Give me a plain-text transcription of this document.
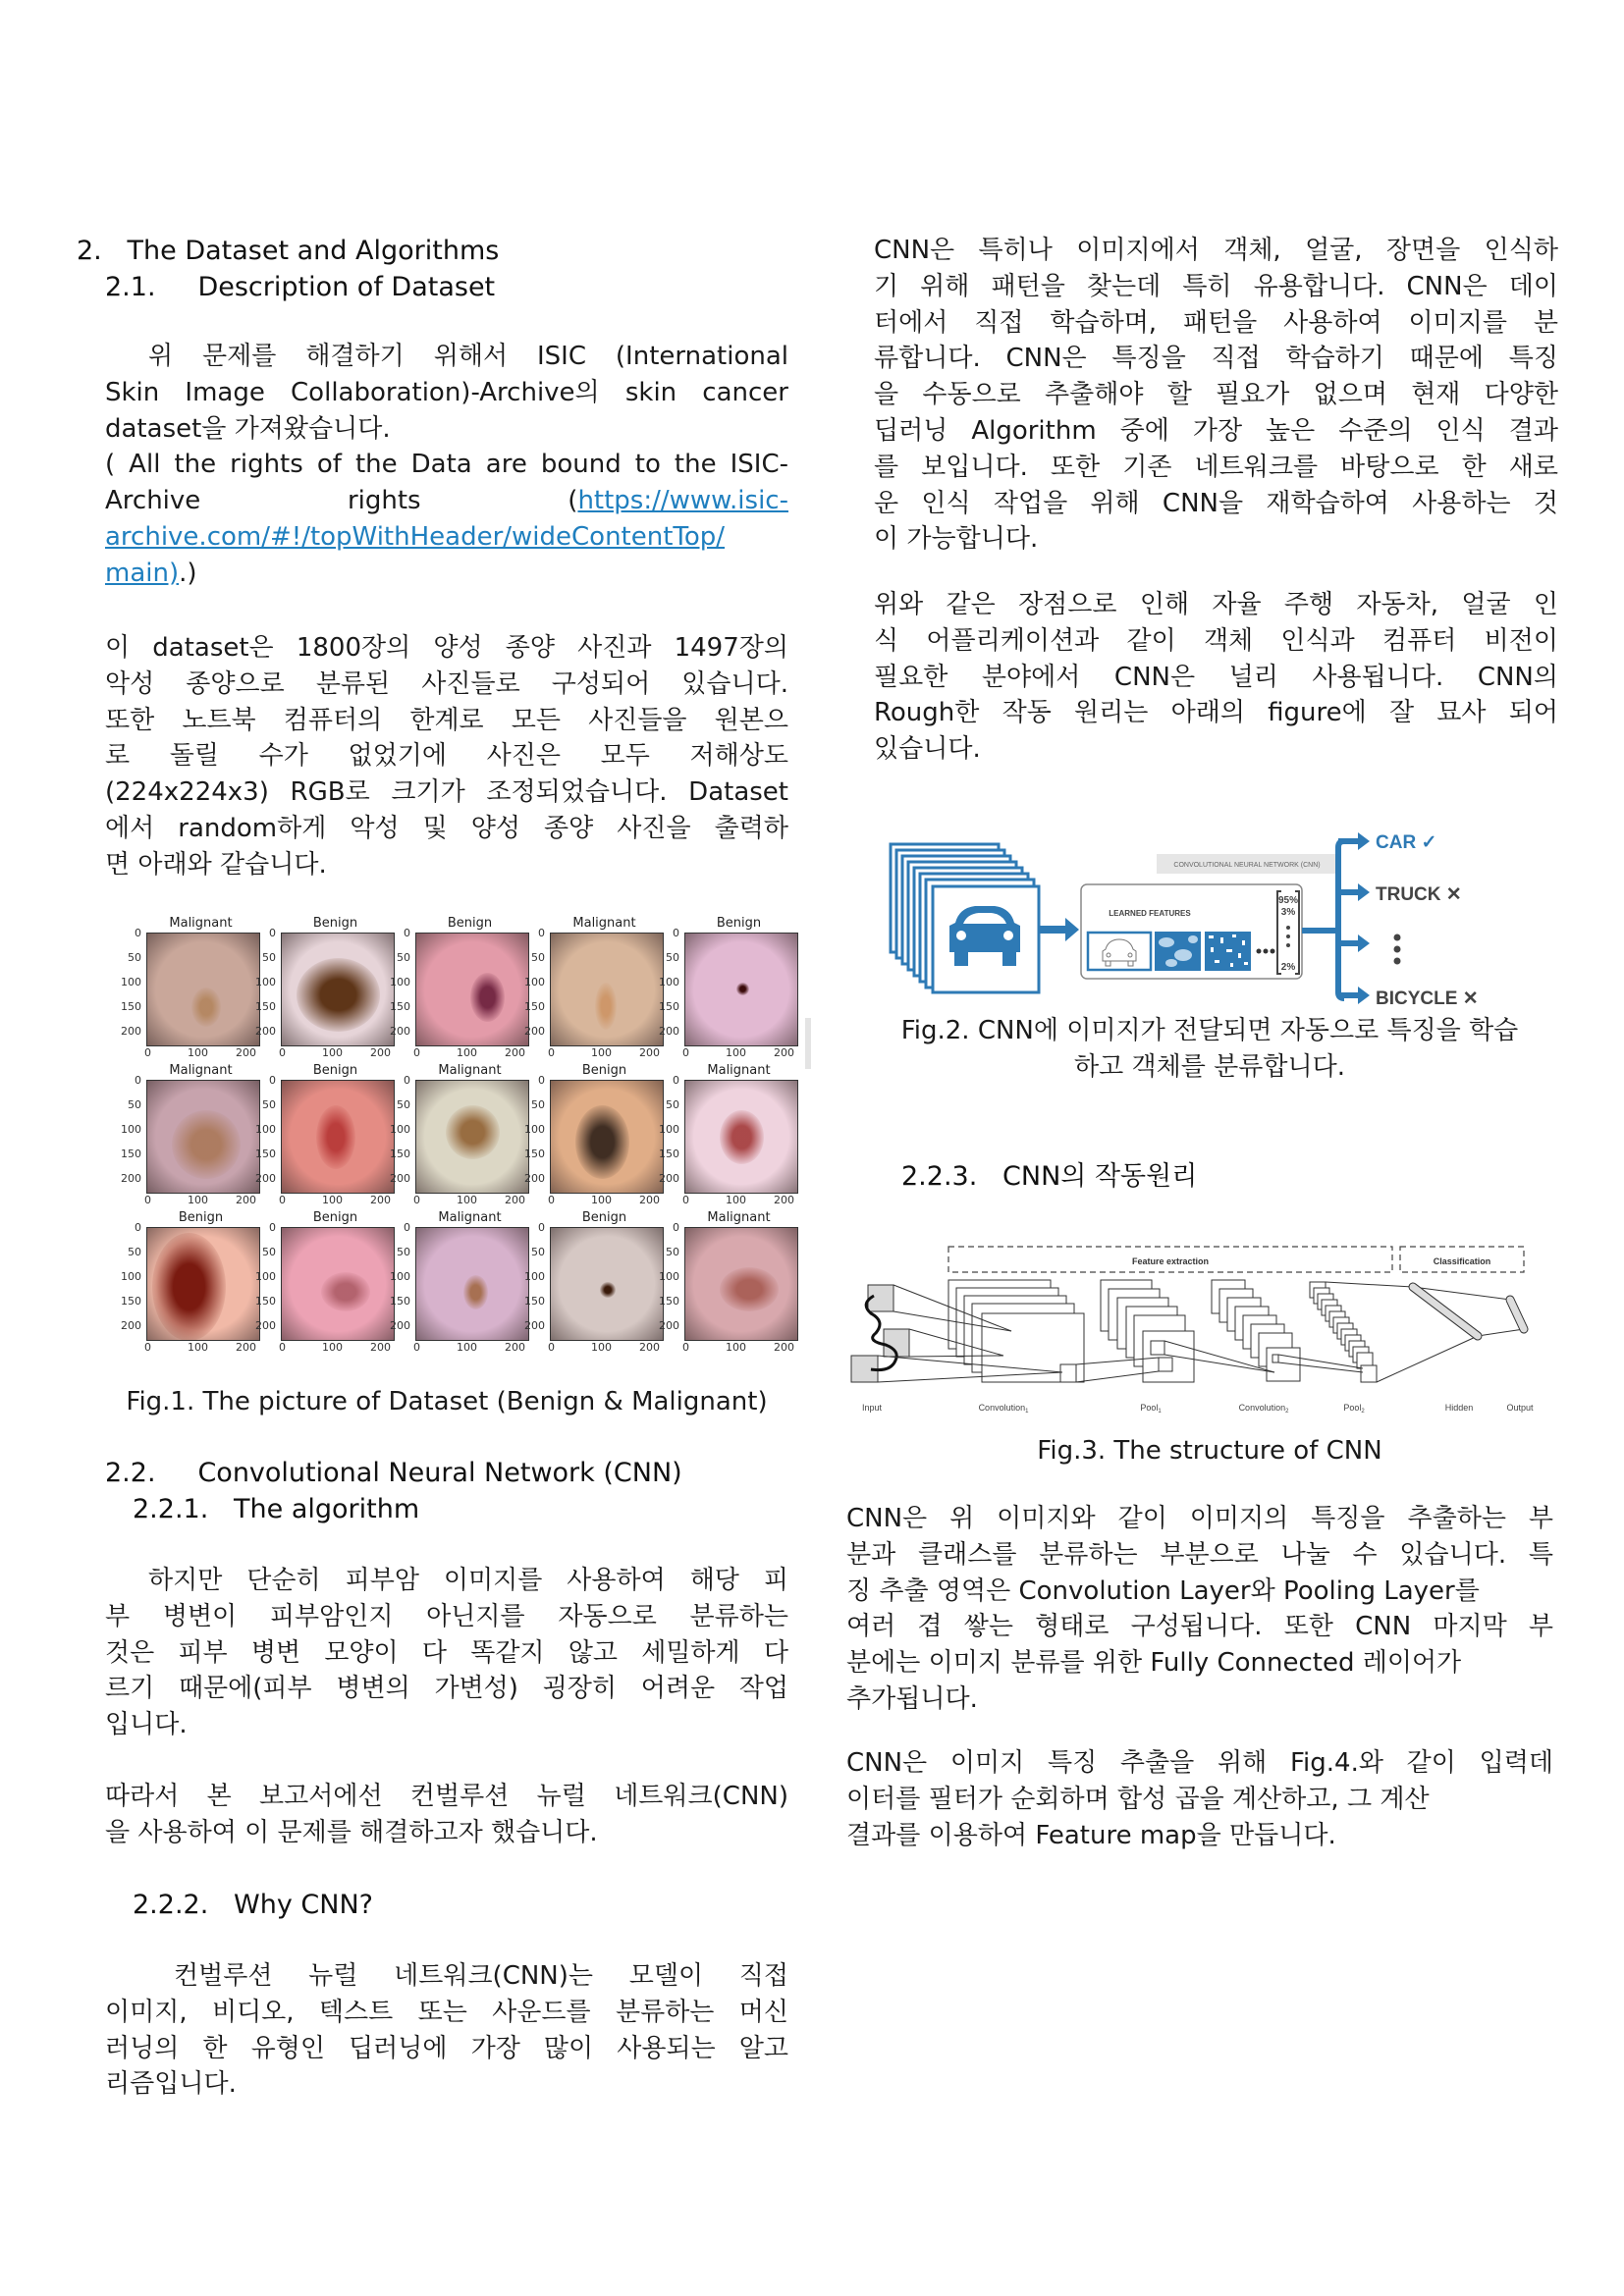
2. The Dataset and Algorithms
2.1. Description of Dataset
위 문제를 해결하기 위해서 ISIC (International
Skin Image Collaboration)-Archive의 skin cancer
dataset을 가져왔습니다.
( All the rights of the Data are bound to the ISIC-
Archive	rights	(https://www.isic-
archive.com/#!/topWithHeader/wideContentTop/
main).)
이 dataset은 1800장의 양성 종양 사진과 1497장의
악성 종양으로 분류된 사진들로 구성되어 있습니다.
또한 노트북 컴퓨터의 한계로 모든 사진들을 원본으
로 돌릴 수가 없었기에 사진은 모두 저해상도
(224x224x3) RGB로 크기가 조정되었습니다. Dataset
에서 random하게 악성 및 양성 종양 사진을 출력하
면 아래와 같습니다.
Malignant
0
50
100
150
200
0	100	200
Benign
0
50
100
150
200
0	100	200
Benign
0
50
100
150
200
0	100	200
Malignant
0
50
100
150
200
0	100	200
Benign
0
50
100
150
200
0	100	200
Malignant
0
50
100
150
200
0	100	200
Benign
0
50
100
150
200
0	100	200
Malignant
0
50
100
150
200
0	100	200
Benign
0
50
100
150
200
0	100	200
Malignant
0
50
100
150
200
0	100	200
Benign
0
50
100
150
200
0	100	200
Benign
0
50
100
150
200
0	100	200
Malignant
0
50
100
150
200
0	100	200
Benign
0
50
100
150
200
0	100	200
Malignant
0
50
100
150
200
0	100	200
Fig.1. The picture of Dataset (Benign & Malignant)
2.2. Convolutional Neural Network (CNN)
2.2.1. The algorithm
하지만 단순히 피부암 이미지를 사용하여 해당 피
부 병변이 피부암인지 아닌지를 자동으로 분류하는
것은 피부 병변 모양이 다 똑같지 않고 세밀하게 다
르기 때문에(피부 병변의 가변성) 굉장히 어려운 작업
입니다.
따라서 본 보고서에선 컨벌루션 뉴럴 네트워크(CNN)
을 사용하여 이 문제를 해결하고자 했습니다.
2.2.2. Why CNN?
컨벌루션 뉴럴 네트워크(CNN)는 모델이 직접
이미지, 비디오, 텍스트 또는 사운드를 분류하는 머신
러닝의 한 유형인 딥러닝에 가장 많이 사용되는 알고
리즘입니다.
CNN은 특히나 이미지에서 객체, 얼굴, 장면을 인식하
기 위해 패턴을 찾는데 특히 유용합니다. CNN은 데이
터에서 직접 학습하며, 패턴을 사용하여 이미지를 분
류합니다. CNN은 특징을 직접 학습하기 때문에 특징
을 수동으로 추출해야 할 필요가 없으며 현재 다양한
딥러닝 Algorithm 중에 가장 높은 수준의 인식 결과
를 보입니다. 또한 기존 네트워크를 바탕으로 한 새로
운 인식 작업을 위해 CNN을 재학습하여 사용하는 것
이 가능합니다.
위와 같은 장점으로 인해 자율 주행 자동차, 얼굴 인
식 어플리케이션과 같이 객체 인식과 컴퓨터 비전이
필요한 분야에서 CNN은 널리 사용됩니다. CNN의
Rough한 작동 원리는 아래의 figure에 잘 묘사 되어
있습니다.
CONVOLUTIONAL NEURAL NETWORK (CNN)
LEARNED FEATURES
95%
3%
2%
CAR ✓
TRUCK ✕
BICYCLE ✕
Fig.2. CNN에 이미지가 전달되면 자동으로 특징을 학습
하고 객체를 분류합니다.
2.2.3. CNN의 작동원리
Feature extraction	Classification
Input	Convolution$_1$	Pool$_1$	Convolution$_2$	Pool$_2$	Hidden	Output
Fig.3. The structure of CNN
CNN은 위 이미지와 같이 이미지의 특징을 추출하는 부
분과 클래스를 분류하는 부분으로 나눌 수 있습니다. 특
징 추출 영역은 Convolution Layer와 Pooling Layer를
여러 겹 쌓는 형태로 구성됩니다. 또한 CNN 마지막 부
분에는 이미지 분류를 위한 Fully Connected 레이어가
추가됩니다.
CNN은 이미지 특징 추출을 위해 Fig.4.와 같이 입력데
이터를 필터가 순회하며 합성 곱을 계산하고, 그 계산
결과를 이용하여 Feature map을 만듭니다.
